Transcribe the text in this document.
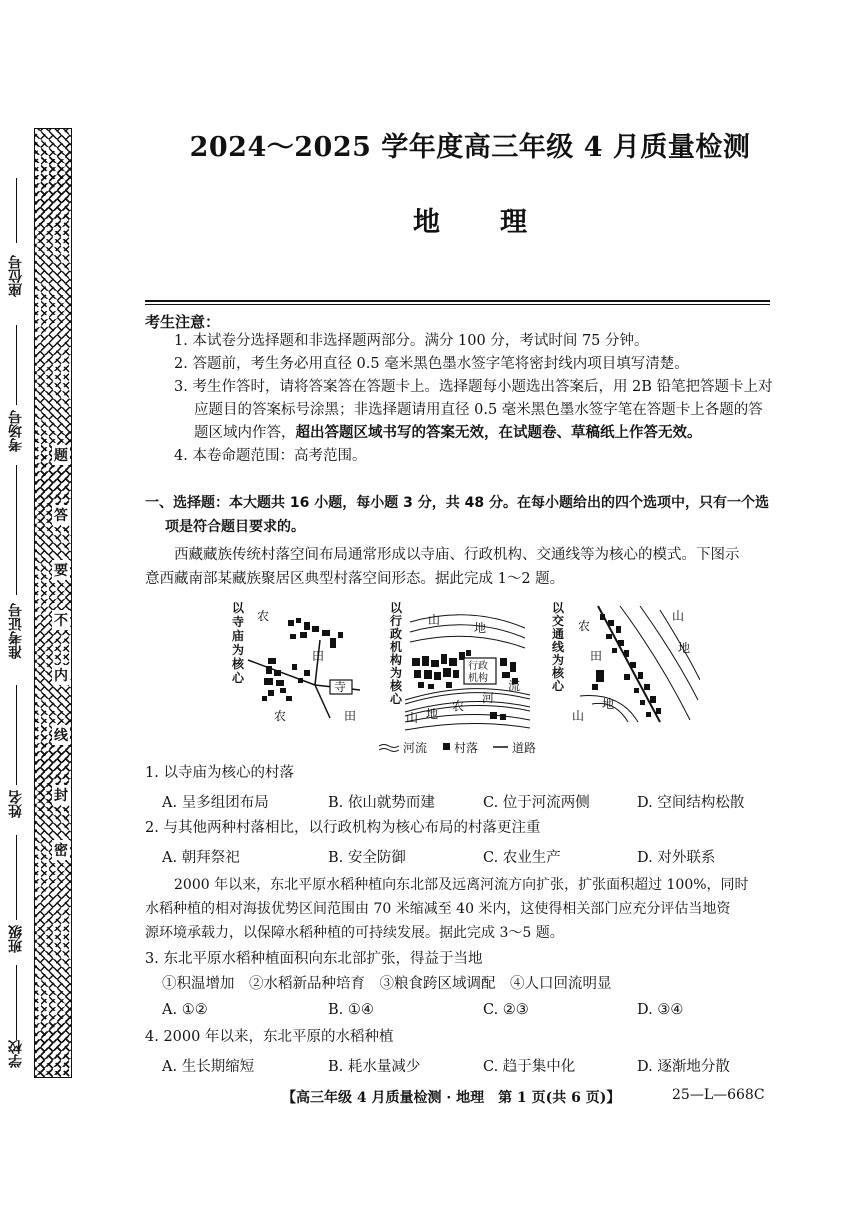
题
答
要
不
内
线
封
密
座位号
考场号
准考证号
姓名
班级
学校
2024～2025 学年度高三年级 4 月质量检测
地理
考生注意：
1. 本试卷分选择题和非选择题两部分。满分 100 分，考试时间 75 分钟。
2. 答题前，考生务必用直径 0.5 毫米黑色墨水签字笔将密封线内项目填写清楚。
3. 考生作答时，请将答案答在答题卡上。选择题每小题选出答案后，用 2B 铅笔把答题卡上对
应题目的答案标号涂黑；非选择题请用直径 0.5 毫米黑色墨水签字笔在答题卡上各题的答
题区域内作答，超出答题区域书写的答案无效，在试题卷、草稿纸上作答无效。
4. 本卷命题范围：高考范围。
一、选择题：本大题共 16 小题，每小题 3 分，共 48 分。在每小题给出的四个选项中，只有一个选
项是符合题目要求的。
西藏藏族传统村落空间布局通常形成以寺庙、行政机构、交通线等为核心的模式。下图示
意西藏南部某藏族聚居区典型村落空间形态。据此完成 1～2 题。
以寺庙为核心
寺
农
田
农	田
以行政机构为核心
行政
机构
山
地
河
流
农
地
山
以交通线为核心
农
田
山
地
山
地
河流 村落	道路
1. 以寺庙为核心的村落
A. 呈多组团布局	B. 依山就势而建	C. 位于河流两侧	D. 空间结构松散
2. 与其他两种村落相比，以行政机构为核心布局的村落更注重
A. 朝拜祭祀	B. 安全防御	C. 农业生产	D. 对外联系
2000 年以来，东北平原水稻种植向东北部及远离河流方向扩张，扩张面积超过 100%，同时
水稻种植的相对海拔优势区间范围由 70 米缩减至 40 米内，这使得相关部门应充分评估当地资
源环境承载力，以保障水稻种植的可持续发展。据此完成 3～5 题。
3. 东北平原水稻种植面积向东北部扩张，得益于当地
①积温增加　②水稻新品种培育　③粮食跨区域调配　④人口回流明显
A. ①②	B. ①④	C. ②③	D. ③④
4. 2000 年以来，东北平原的水稻种植
A. 生长期缩短	B. 耗水量减少	C. 趋于集中化	D. 逐渐地分散
【高三年级 4 月质量检测 · 地理　第 1 页(共 6 页)】	25—L—668C
